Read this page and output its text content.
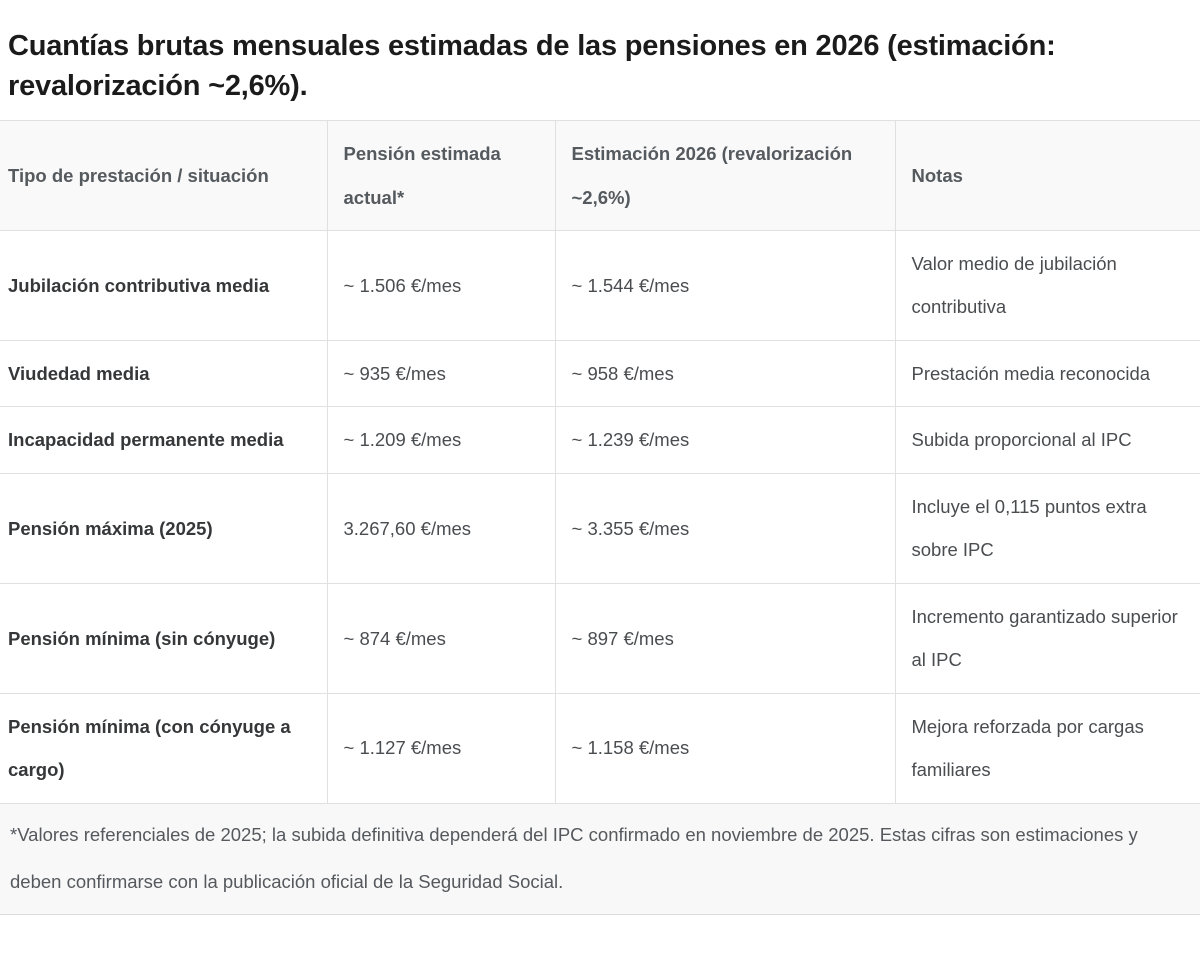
Cuantías brutas mensuales estimadas de las pensiones en 2026 (estimación: revalorización ~2,6%).
Tipo de prestación / situación	Pensión estimada actual*	Estimación 2026 (revalorización ~2,6%)	Notas
Jubilación contributiva media	~ 1.506 €/mes	~ 1.544 €/mes	Valor medio de jubilación contributiva
Viudedad media	~ 935 €/mes	~ 958 €/mes	Prestación media reconocida
Incapacidad permanente media	~ 1.209 €/mes	~ 1.239 €/mes	Subida proporcional al IPC
Pensión máxima (2025)	3.267,60 €/mes	~ 3.355 €/mes	Incluye el 0,115 puntos extra sobre IPC
Pensión mínima (sin cónyuge)	~ 874 €/mes	~ 897 €/mes	Incremento garantizado superior al IPC
Pensión mínima (con cónyuge a cargo)	~ 1.127 €/mes	~ 1.158 €/mes	Mejora reforzada por cargas familiares
*Valores referenciales de 2025; la subida definitiva dependerá del IPC confirmado en noviembre de 2025. Estas cifras son estimaciones y deben confirmarse con la publicación oficial de la Seguridad Social.
